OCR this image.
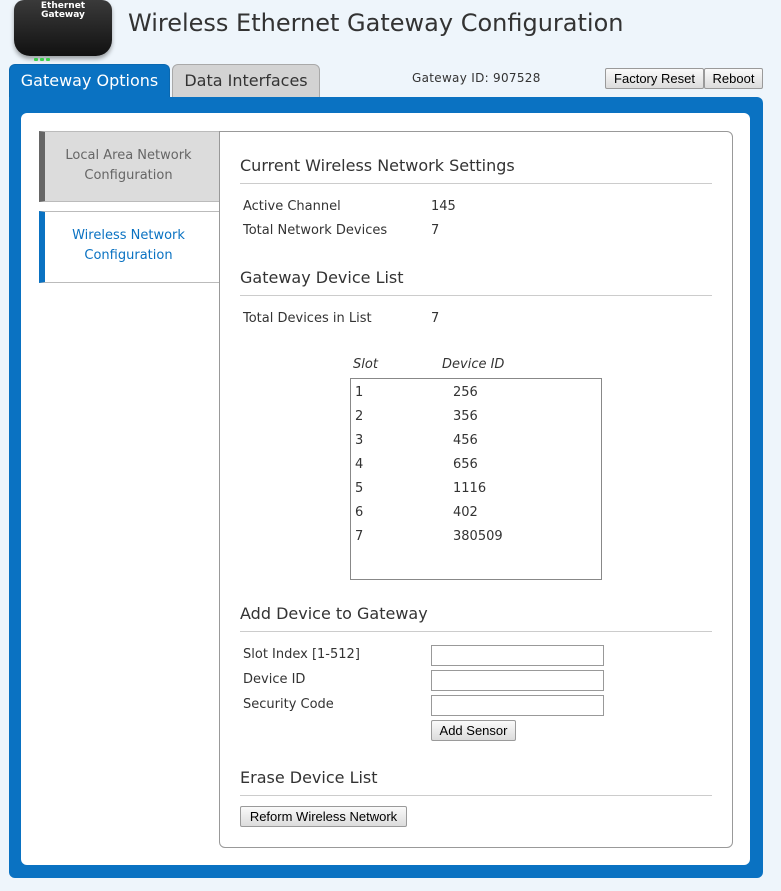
Ethernet
Gateway	Wireless Ethernet Gateway Configuration
Gateway Options	Data Interfaces	Gateway ID: 907528	Factory Reset	Reboot
Local Area Network Configuration
Wireless Network Configuration
Current Wireless Network Settings
Active Channel	145
Total Network Devices	7
Gateway Device List
Total Devices in List	7
Slot	Device ID
1	256
2	356
3	456
4	656
5	1116
6	402
7	380509
Add Device to Gateway
Slot Index [1-512]
Device ID
Security Code
Add Sensor
Erase Device List
Reform Wireless Network
